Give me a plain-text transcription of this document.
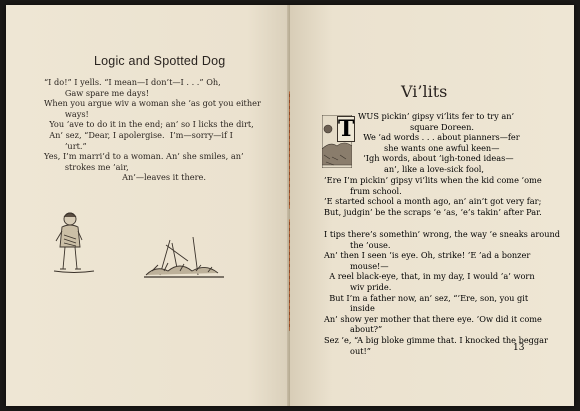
Logic and Spotted Dog
“I do!” I yells. “I mean—I don’t—I . . .” Oh,
Gaw spare me days!
When you argue wiv a woman she ’as got you either
ways!
You ’ave to do it in the end; an’ so I licks the dirt,
An’ sez, “Dear, I apolergise.  I’m—sorry—if I
’urt.”
Yes, I’m marri’d to a woman. An’ she smiles, an’
strokes me ’air,
An’—leaves it there.
Vi’lits
T WUS pickin’ gipsy vi’lits fer to try an’
square Doreen.
We ’ad words . . . about pianners—fer
she wants one awful keen—
’Igh words, about ’igh-toned ideas—
an’, like a love-sick fool,
’Ere I’m pickin’ gipsy vi’lits when the kid come ’ome
frum school.
’E started school a month ago, an’ ain’t got very far;
But, judgin’ be the scraps ’e ’as, ’e’s takin’ after Par.
I tips there’s somethin’ wrong, the way ’e sneaks around
the ’ouse.
An’ then I seen ’is eye. Oh, strike! ’E ’ad a bonzer
mouse!—
A reel black-eye, that, in my day, I would ’a’ worn
wiv pride.
But I’m a father now, an’ sez, “’Ere, son, you git
inside
An’ show yer mother that there eye. ’Ow did it come
about?”
Sez ’e, “A big bloke gimme that. I knocked the beggar
out!”	13
